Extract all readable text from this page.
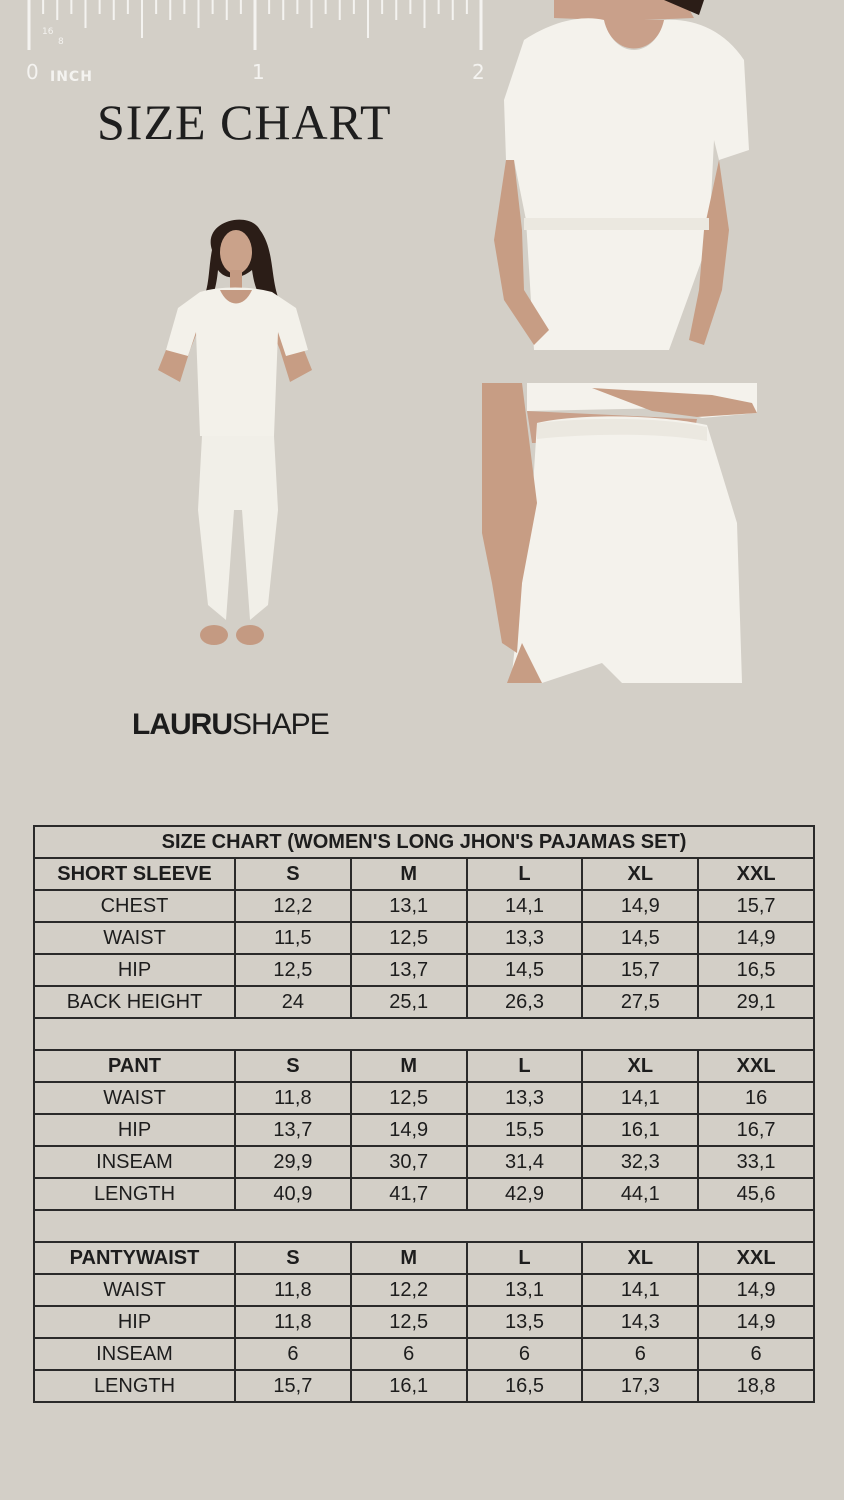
16
8
0 INCH	1	2
SIZE CHART
LAURUSHAPE
SIZE CHART (WOMEN'S LONG JHON'S PAJAMAS SET)					
SHORT SLEEVE	S	M	L	XL	XXL
CHEST	12,2	13,1	14,1	14,9	15,7
WAIST	11,5	12,5	13,3	14,5	14,9
HIP	12,5	13,7	14,5	15,7	16,5
BACK HEIGHT	24	25,1	26,3	27,5	29,1

PANT	S	M	L	XL	XXL
WAIST	11,8	12,5	13,3	14,1	16
HIP	13,7	14,9	15,5	16,1	16,7
INSEAM	29,9	30,7	31,4	32,3	33,1
LENGTH	40,9	41,7	42,9	44,1	45,6

PANTYWAIST	S	M	L	XL	XXL
WAIST	11,8	12,2	13,1	14,1	14,9
HIP	11,8	12,5	13,5	14,3	14,9
INSEAM	6	6	6	6	6
LENGTH	15,7	16,1	16,5	17,3	18,8
